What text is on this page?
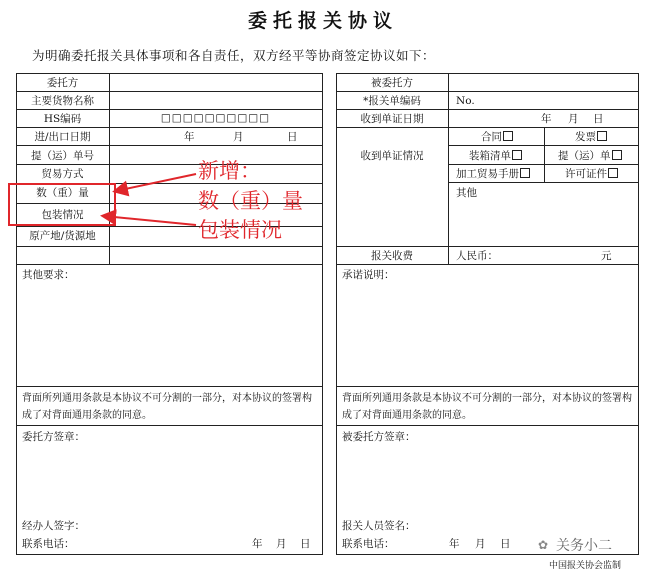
委托报关协议
为明确委托报关具体事项和各自责任，双方经平等协商签定协议如下：
委托方
主要货物名称
HS编码	□□□□□□□□□□
进/出口日期	年	月	日
提（运）单号
贸易方式
数（重）量
包装情况
原产地/货源地
其他要求：
背面所列通用条款是本协议不可分割的一部分，对本协议的签署构成了对背面通用条款的同意。
委托方签章：
经办人签字：
联系电话：	年 月 日
被委托方
*报关单编码	No.
收到单证日期	年 月 日
收到单证情况
合同	发票
装箱清单	提（运）单
加工贸易手册	许可证件
其他
报关收费	人民币：	元
承诺说明：
背面所列通用条款是本协议不可分割的一部分，对本协议的签署构成了对背面通用条款的同意。
被委托方签章：
报关人员签名：
联系电话：	年 月 日
新增：
数（重）量
包装情况
✿ 关务小二
中国报关协会监制
